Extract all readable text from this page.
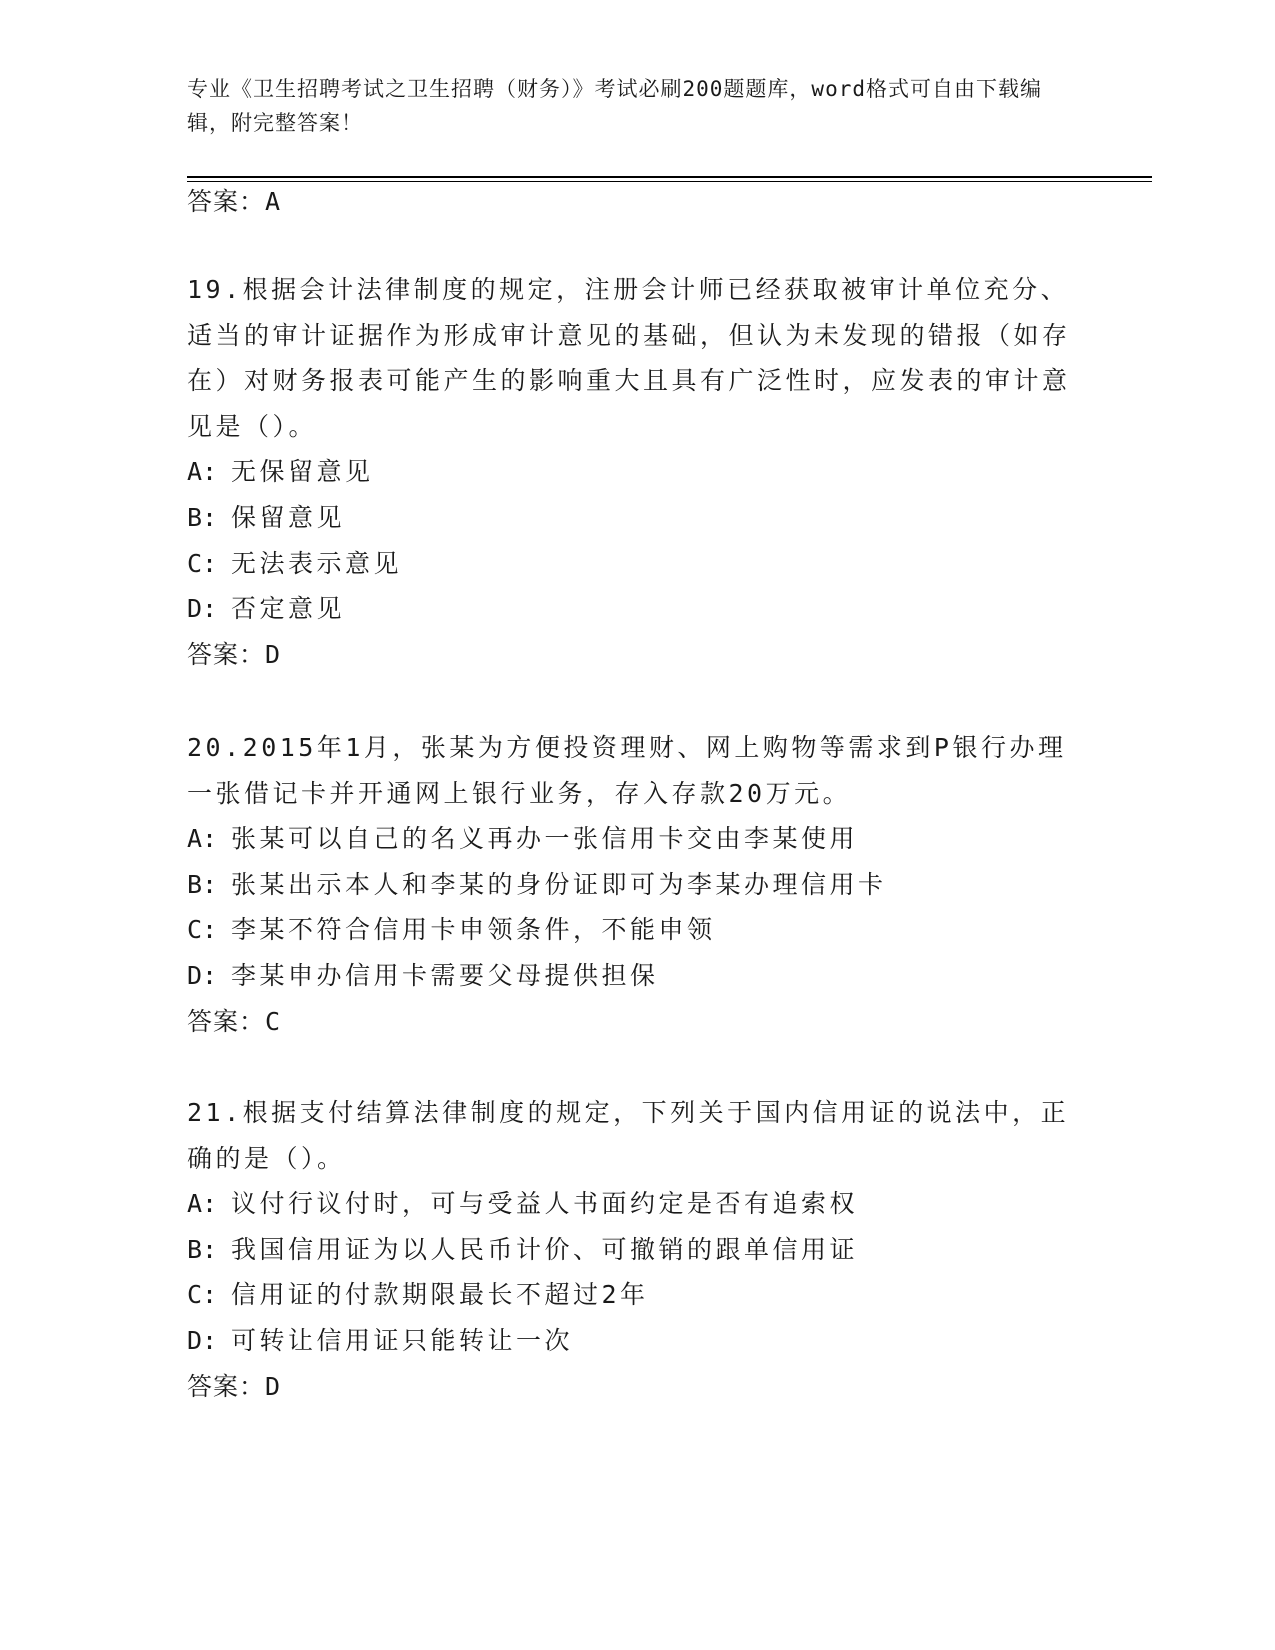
专业《卫生招聘考试之卫生招聘（财务）》考试必刷200题题库，word格式可自由下载编辑，附完整答案！
答案：A
19.根据会计法律制度的规定，注册会计师已经获取被审计单位充分、适当的审计证据作为形成审计意见的基础，但认为未发现的错报（如存在）对财务报表可能产生的影响重大且具有广泛性时，应发表的审计意见是（）。
A: 无保留意见
B: 保留意见
C: 无法表示意见
D: 否定意见
答案：D
20.2015年1月，张某为方便投资理财、网上购物等需求到P银行办理一张借记卡并开通网上银行业务，存入存款20万元。
A: 张某可以自己的名义再办一张信用卡交由李某使用
B: 张某出示本人和李某的身份证即可为李某办理信用卡
C: 李某不符合信用卡申领条件，不能申领
D: 李某申办信用卡需要父母提供担保
答案：C
21.根据支付结算法律制度的规定，下列关于国内信用证的说法中，正确的是（）。
A: 议付行议付时，可与受益人书面约定是否有追索权
B: 我国信用证为以人民币计价、可撤销的跟单信用证
C: 信用证的付款期限最长不超过2年
D: 可转让信用证只能转让一次
答案：D
